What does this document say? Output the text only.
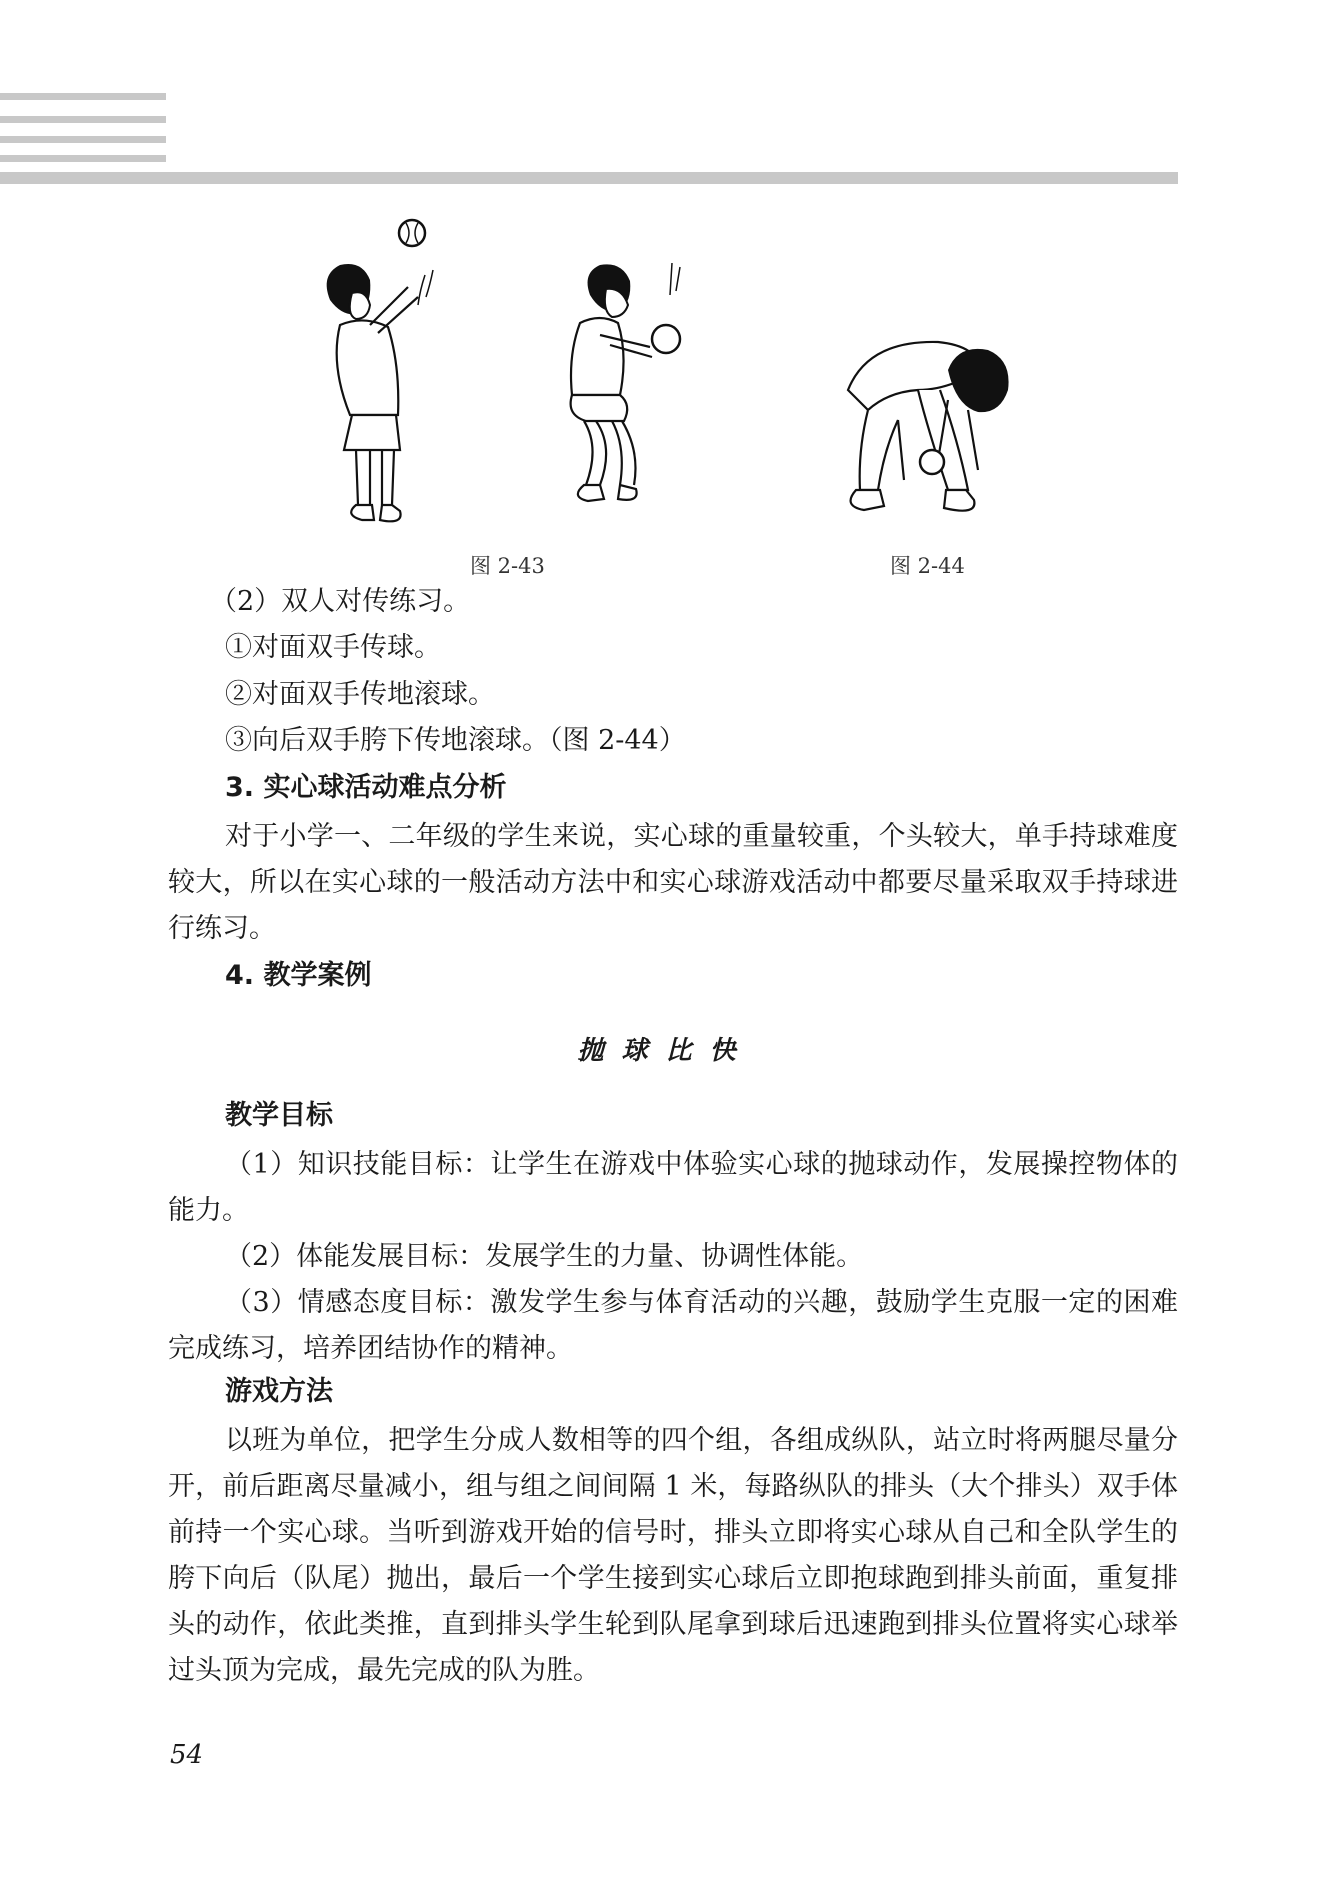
图 2-43	图 2-44
（2）双人对传练习。
①对面双手传球。
②对面双手传地滚球。
③向后双手胯下传地滚球。（图 2-44）
3. 实心球活动难点分析
对于小学一、二年级的学生来说，实心球的重量较重，个头较大，单手持球难度较大，所以在实心球的一般活动方法中和实心球游戏活动中都要尽量采取双手持球进行练习。
4. 教学案例
抛球比快
教学目标
（1）知识技能目标：让学生在游戏中体验实心球的抛球动作，发展操控物体的能力。
（2）体能发展目标：发展学生的力量、协调性体能。
（3）情感态度目标：激发学生参与体育活动的兴趣，鼓励学生克服一定的困难完成练习，培养团结协作的精神。
游戏方法
以班为单位，把学生分成人数相等的四个组，各组成纵队，站立时将两腿尽量分开，前后距离尽量减小，组与组之间间隔 1 米，每路纵队的排头（大个排头）双手体前持一个实心球。当听到游戏开始的信号时，排头立即将实心球从自己和全队学生的胯下向后（队尾）抛出，最后一个学生接到实心球后立即抱球跑到排头前面，重复排头的动作，依此类推，直到排头学生轮到队尾拿到球后迅速跑到排头位置将实心球举过头顶为完成，最先完成的队为胜。
54
